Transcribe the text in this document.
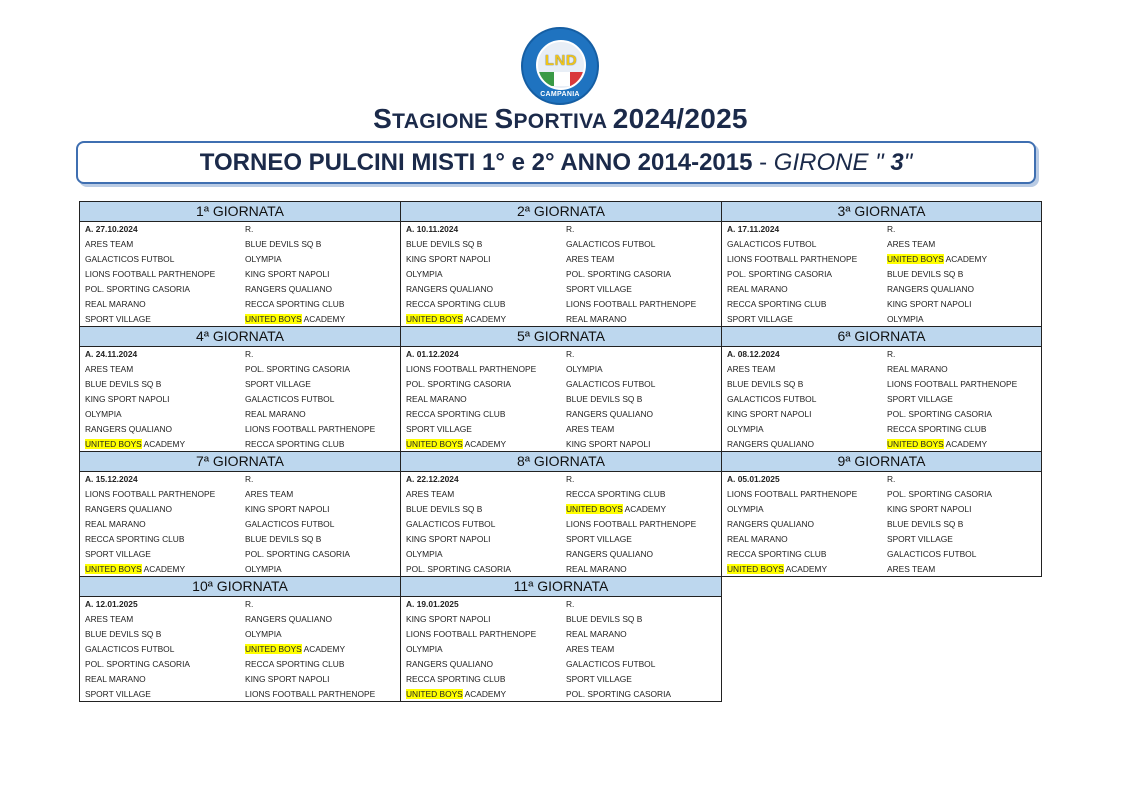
LND
CAMPANIA
STAGIONE SPORTIVA 2024/2025
TORNEO PULCINI MISTI 1° e 2° ANNO 2014-2015 - GIRONE " 3"
1ª GIORNATA
A. 27.10.2024	R.
ARES TEAM	BLUE DEVILS SQ B
GALACTICOS FUTBOL	OLYMPIA
LIONS FOOTBALL PARTHENOPE	KING SPORT NAPOLI
POL. SPORTING CASORIA	RANGERS QUALIANO
REAL MARANO	RECCA SPORTING CLUB
SPORT VILLAGE	UNITED BOYS ACADEMY
2ª GIORNATA
A. 10.11.2024	R.
BLUE DEVILS SQ B	GALACTICOS FUTBOL
KING SPORT NAPOLI	ARES TEAM
OLYMPIA	POL. SPORTING CASORIA
RANGERS QUALIANO	SPORT VILLAGE
RECCA SPORTING CLUB	LIONS FOOTBALL PARTHENOPE
UNITED BOYS ACADEMY	REAL MARANO
3ª GIORNATA
A. 17.11.2024	R.
GALACTICOS FUTBOL	ARES TEAM
LIONS FOOTBALL PARTHENOPE	UNITED BOYS ACADEMY
POL. SPORTING CASORIA	BLUE DEVILS SQ B
REAL MARANO	RANGERS QUALIANO
RECCA SPORTING CLUB	KING SPORT NAPOLI
SPORT VILLAGE	OLYMPIA
4ª GIORNATA
A. 24.11.2024	R.
ARES TEAM	POL. SPORTING CASORIA
BLUE DEVILS SQ B	SPORT VILLAGE
KING SPORT NAPOLI	GALACTICOS FUTBOL
OLYMPIA	REAL MARANO
RANGERS QUALIANO	LIONS FOOTBALL PARTHENOPE
UNITED BOYS ACADEMY	RECCA SPORTING CLUB
5ª GIORNATA
A. 01.12.2024	R.
LIONS FOOTBALL PARTHENOPE	OLYMPIA
POL. SPORTING CASORIA	GALACTICOS FUTBOL
REAL MARANO	BLUE DEVILS SQ B
RECCA SPORTING CLUB	RANGERS QUALIANO
SPORT VILLAGE	ARES TEAM
UNITED BOYS ACADEMY	KING SPORT NAPOLI
6ª GIORNATA
A. 08.12.2024	R.
ARES TEAM	REAL MARANO
BLUE DEVILS SQ B	LIONS FOOTBALL PARTHENOPE
GALACTICOS FUTBOL	SPORT VILLAGE
KING SPORT NAPOLI	POL. SPORTING CASORIA
OLYMPIA	RECCA SPORTING CLUB
RANGERS QUALIANO	UNITED BOYS ACADEMY
7ª GIORNATA
A. 15.12.2024	R.
LIONS FOOTBALL PARTHENOPE	ARES TEAM
RANGERS QUALIANO	KING SPORT NAPOLI
REAL MARANO	GALACTICOS FUTBOL
RECCA SPORTING CLUB	BLUE DEVILS SQ B
SPORT VILLAGE	POL. SPORTING CASORIA
UNITED BOYS ACADEMY	OLYMPIA
8ª GIORNATA
A. 22.12.2024	R.
ARES TEAM	RECCA SPORTING CLUB
BLUE DEVILS SQ B	UNITED BOYS ACADEMY
GALACTICOS FUTBOL	LIONS FOOTBALL PARTHENOPE
KING SPORT NAPOLI	SPORT VILLAGE
OLYMPIA	RANGERS QUALIANO
POL. SPORTING CASORIA	REAL MARANO
9ª GIORNATA
A. 05.01.2025	R.
LIONS FOOTBALL PARTHENOPE	POL. SPORTING CASORIA
OLYMPIA	KING SPORT NAPOLI
RANGERS QUALIANO	BLUE DEVILS SQ B
REAL MARANO	SPORT VILLAGE
RECCA SPORTING CLUB	GALACTICOS FUTBOL
UNITED BOYS ACADEMY	ARES TEAM
10ª GIORNATA
A. 12.01.2025	R.
ARES TEAM	RANGERS QUALIANO
BLUE DEVILS SQ B	OLYMPIA
GALACTICOS FUTBOL	UNITED BOYS ACADEMY
POL. SPORTING CASORIA	RECCA SPORTING CLUB
REAL MARANO	KING SPORT NAPOLI
SPORT VILLAGE	LIONS FOOTBALL PARTHENOPE
11ª GIORNATA
A. 19.01.2025	R.
KING SPORT NAPOLI	BLUE DEVILS SQ B
LIONS FOOTBALL PARTHENOPE	REAL MARANO
OLYMPIA	ARES TEAM
RANGERS QUALIANO	GALACTICOS FUTBOL
RECCA SPORTING CLUB	SPORT VILLAGE
UNITED BOYS ACADEMY	POL. SPORTING CASORIA
